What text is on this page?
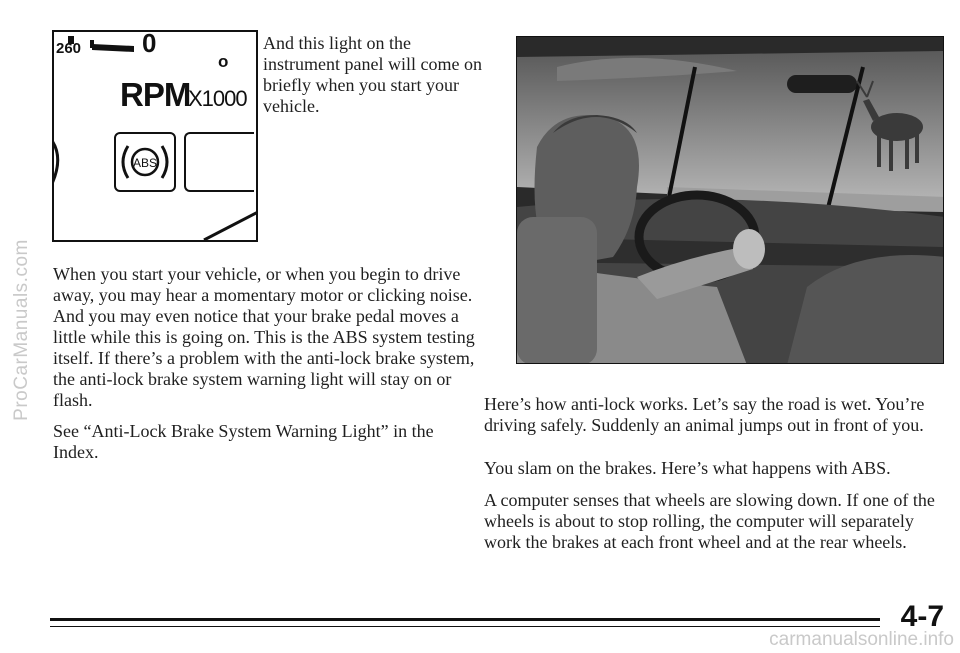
ProCarManuals.com
260 0
o
RPM
X1000
ABS

And this light on the instrument panel will come on briefly when you start your vehicle.

When you start your vehicle, or when you begin to drive away, you may hear a momentary motor or clicking noise. And you may even notice that your brake pedal moves a little while this is going on. This is the ABS system testing itself. If there’s a problem with the anti-lock brake system, the anti-lock brake system warning light will stay on or flash.

See “Anti-Lock Brake System Warning Light” in the Index.

Here’s how anti-lock works. Let’s say the road is wet. You’re driving safely. Suddenly an animal jumps out in front of you.

You slam on the brakes. Here’s what happens with ABS.

A computer senses that wheels are slowing down. If one of the wheels is about to stop rolling, the computer will separately work the brakes at each front wheel and at the rear wheels.

4-7
carmanualsonline.info
